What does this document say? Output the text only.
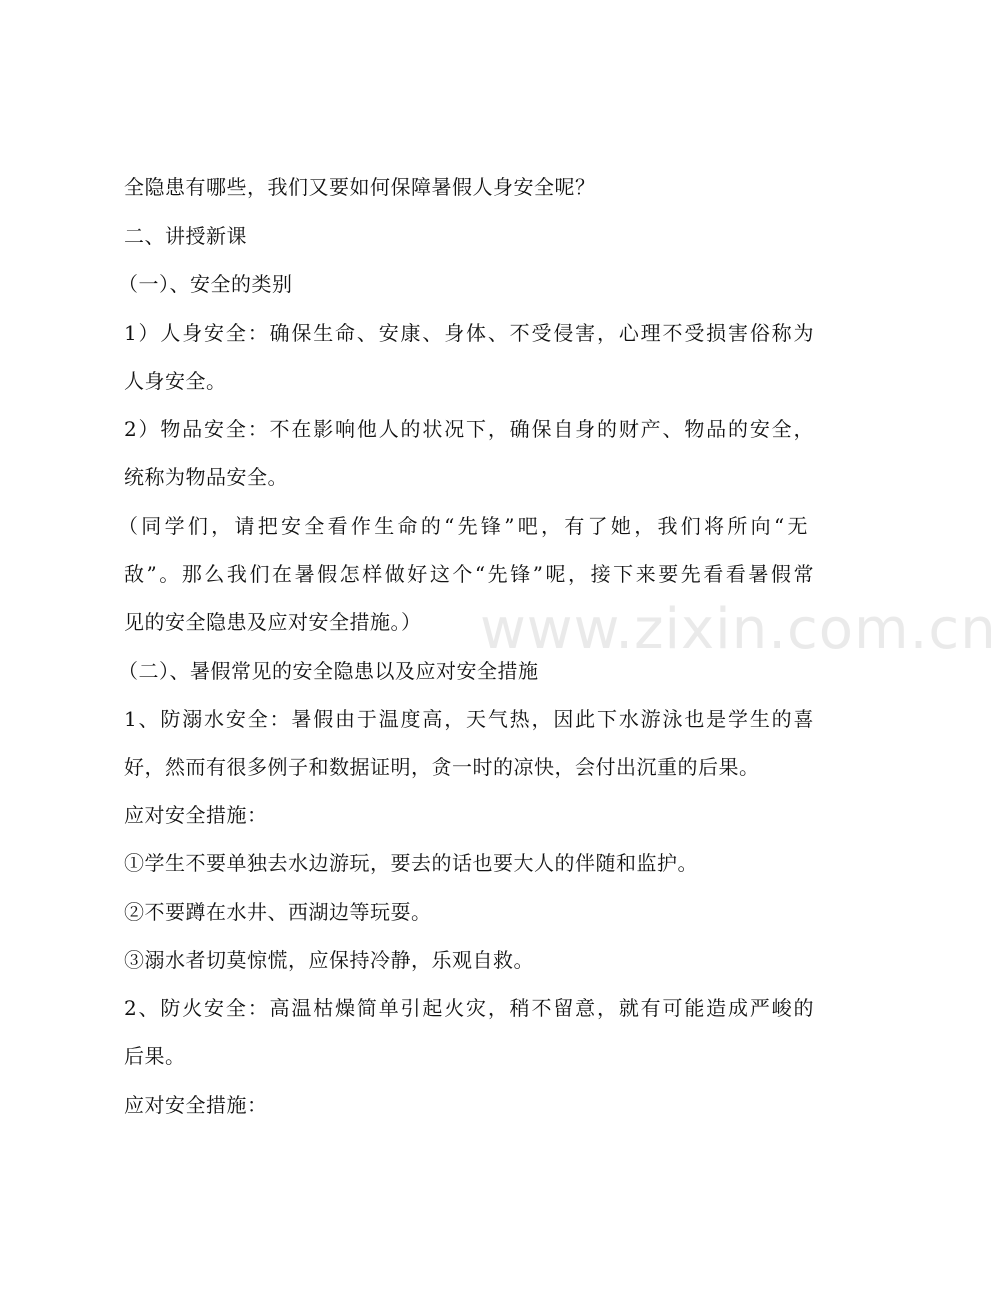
全隐患有哪些，我们又要如何保障暑假人身安全呢？
二、讲授新课
（一）、安全的类别
1）人身安全：确保生命、安康、身体、不受侵害，心理不受损害俗称为
人身安全。
2）物品安全：不在影响他人的状况下，确保自身的财产、物品的安全，
统称为物品安全。
（同学们，请把安全看作生命的“先锋”吧，有了她，我们将所向“无
敌”。那么我们在暑假怎样做好这个“先锋”呢，接下来要先看看暑假常
见的安全隐患及应对安全措施。）
（二）、暑假常见的安全隐患以及应对安全措施
1、防溺水安全：暑假由于温度高，天气热，因此下水游泳也是学生的喜
好，然而有很多例子和数据证明，贪一时的凉快，会付出沉重的后果。
应对安全措施：
①学生不要单独去水边游玩，要去的话也要大人的伴随和监护。
②不要蹲在水井、西湖边等玩耍。
③溺水者切莫惊慌，应保持冷静，乐观自救。
2、防火安全：高温枯燥简单引起火灾，稍不留意，就有可能造成严峻的
后果。
应对安全措施：
www.zixin.com.cn
